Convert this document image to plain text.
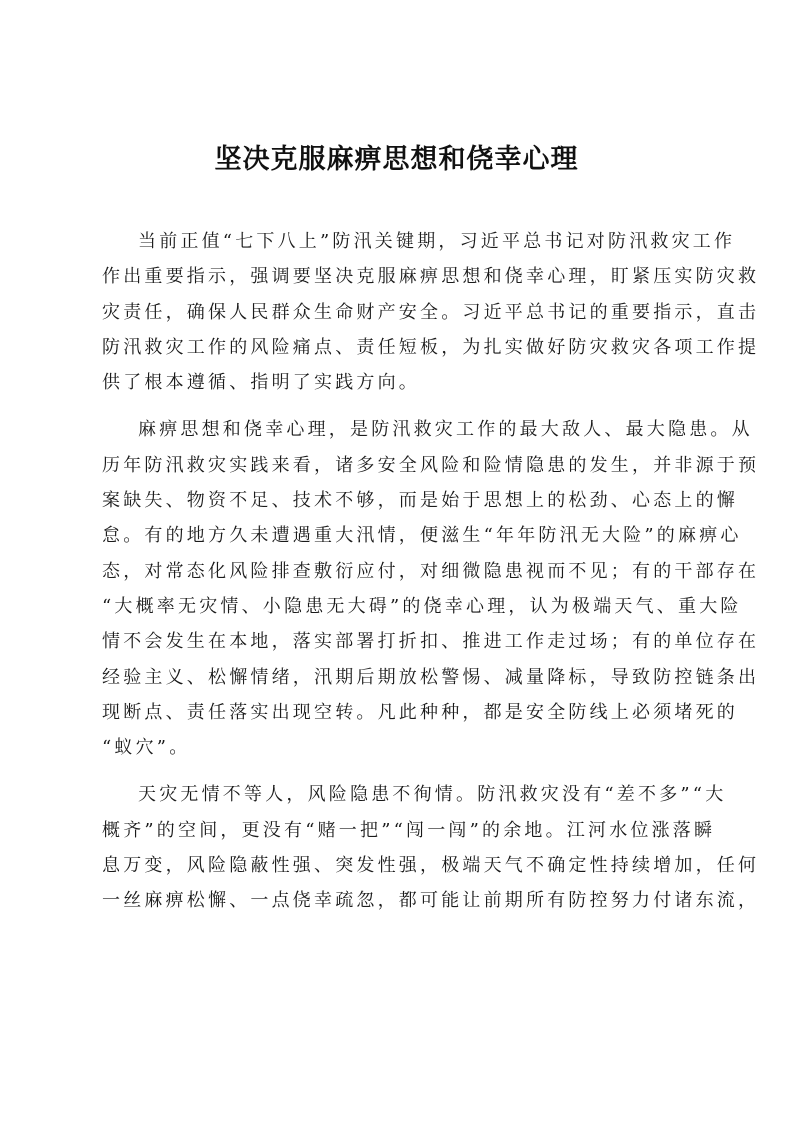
坚决克服麻痹思想和侥幸心理

当前正值“七下八上”防汛关键期，习近平总书记对防汛救灾工作
作出重要指示，强调要坚决克服麻痹思想和侥幸心理，盯紧压实防灾救
灾责任，确保人民群众生命财产安全。习近平总书记的重要指示，直击
防汛救灾工作的风险痛点、责任短板，为扎实做好防灾救灾各项工作提
供了根本遵循、指明了实践方向。

麻痹思想和侥幸心理，是防汛救灾工作的最大敌人、最大隐患。从
历年防汛救灾实践来看，诸多安全风险和险情隐患的发生，并非源于预
案缺失、物资不足、技术不够，而是始于思想上的松劲、心态上的懈
怠。有的地方久未遭遇重大汛情，便滋生“年年防汛无大险”的麻痹心
态，对常态化风险排查敷衍应付，对细微隐患视而不见；有的干部存在
“大概率无灾情、小隐患无大碍”的侥幸心理，认为极端天气、重大险
情不会发生在本地，落实部署打折扣、推进工作走过场；有的单位存在
经验主义、松懈情绪，汛期后期放松警惕、减量降标，导致防控链条出
现断点、责任落实出现空转。凡此种种，都是安全防线上必须堵死的
“蚁穴”。

天灾无情不等人，风险隐患不徇情。防汛救灾没有“差不多”“大
概齐”的空间，更没有“赌一把”“闯一闯”的余地。江河水位涨落瞬
息万变，风险隐蔽性强、突发性强，极端天气不确定性持续增加，任何
一丝麻痹松懈、一点侥幸疏忽，都可能让前期所有防控努力付诸东流，
